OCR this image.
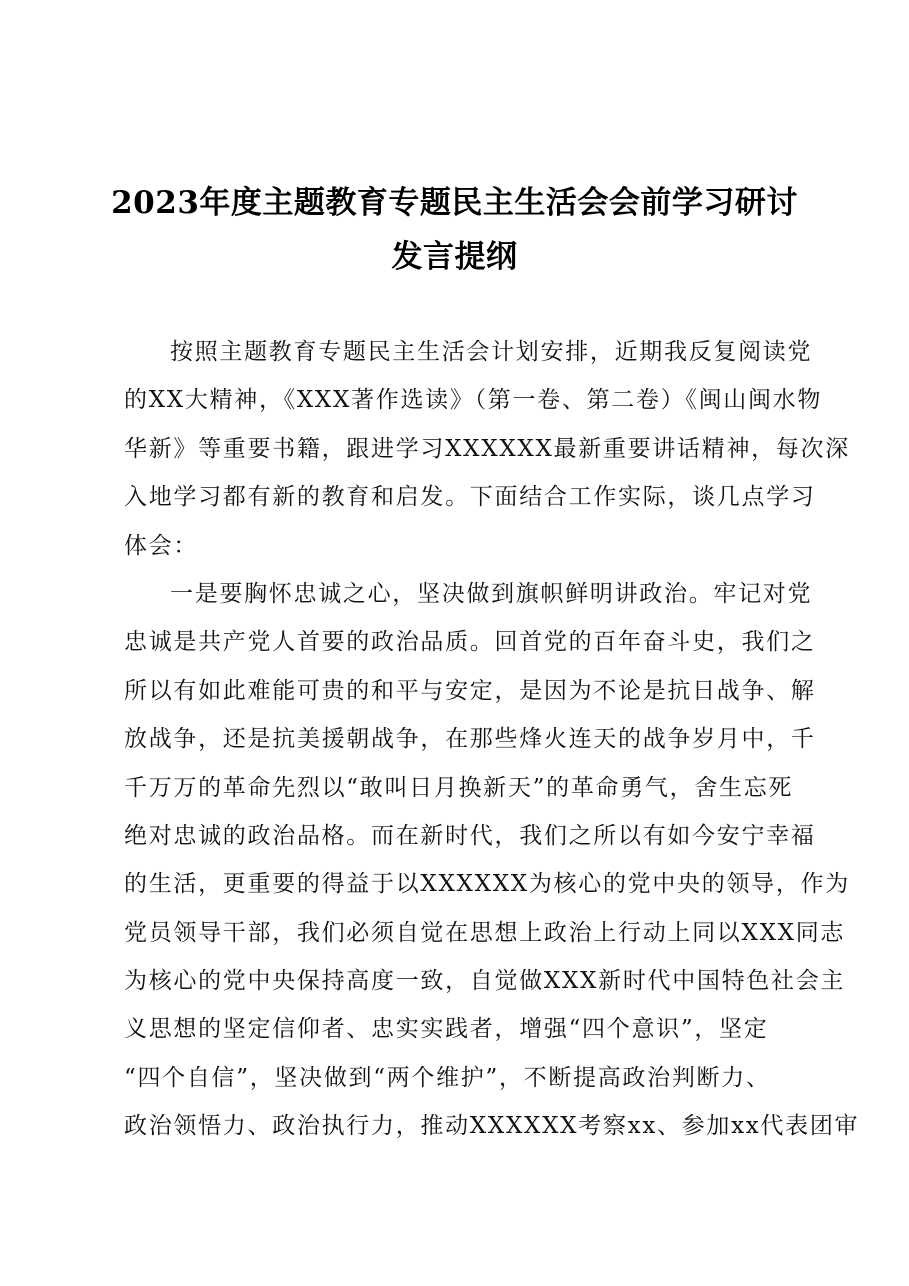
2023年度主题教育专题民主生活会会前学习研讨
发言提纲
按照主题教育专题民主生活会计划安排，近期我反复阅读党
的XX大精神，《XXX著作选读》（第一卷、第二卷）《闽山闽水物
华新》等重要书籍，跟进学习XXXXXX最新重要讲话精神，每次深
入地学习都有新的教育和启发。下面结合工作实际，谈几点学习
体会：
一是要胸怀忠诚之心，坚决做到旗帜鲜明讲政治。牢记对党
忠诚是共产党人首要的政治品质。回首党的百年奋斗史，我们之
所以有如此难能可贵的和平与安定，是因为不论是抗日战争、解
放战争，还是抗美援朝战争，在那些烽火连天的战争岁月中，千
千万万的革命先烈以“敢叫日月换新天”的革命勇气，舍生忘死
绝对忠诚的政治品格。而在新时代，我们之所以有如今安宁幸福
的生活，更重要的得益于以XXXXXX为核心的党中央的领导，作为
党员领导干部，我们必须自觉在思想上政治上行动上同以XXX同志
为核心的党中央保持高度一致，自觉做XXX新时代中国特色社会主
义思想的坚定信仰者、忠实实践者，增强“四个意识”，坚定
“四个自信”，坚决做到“两个维护”，不断提高政治判断力、
政治领悟力、政治执行力，推动XXXXXX考察xx、参加xx代表团审
